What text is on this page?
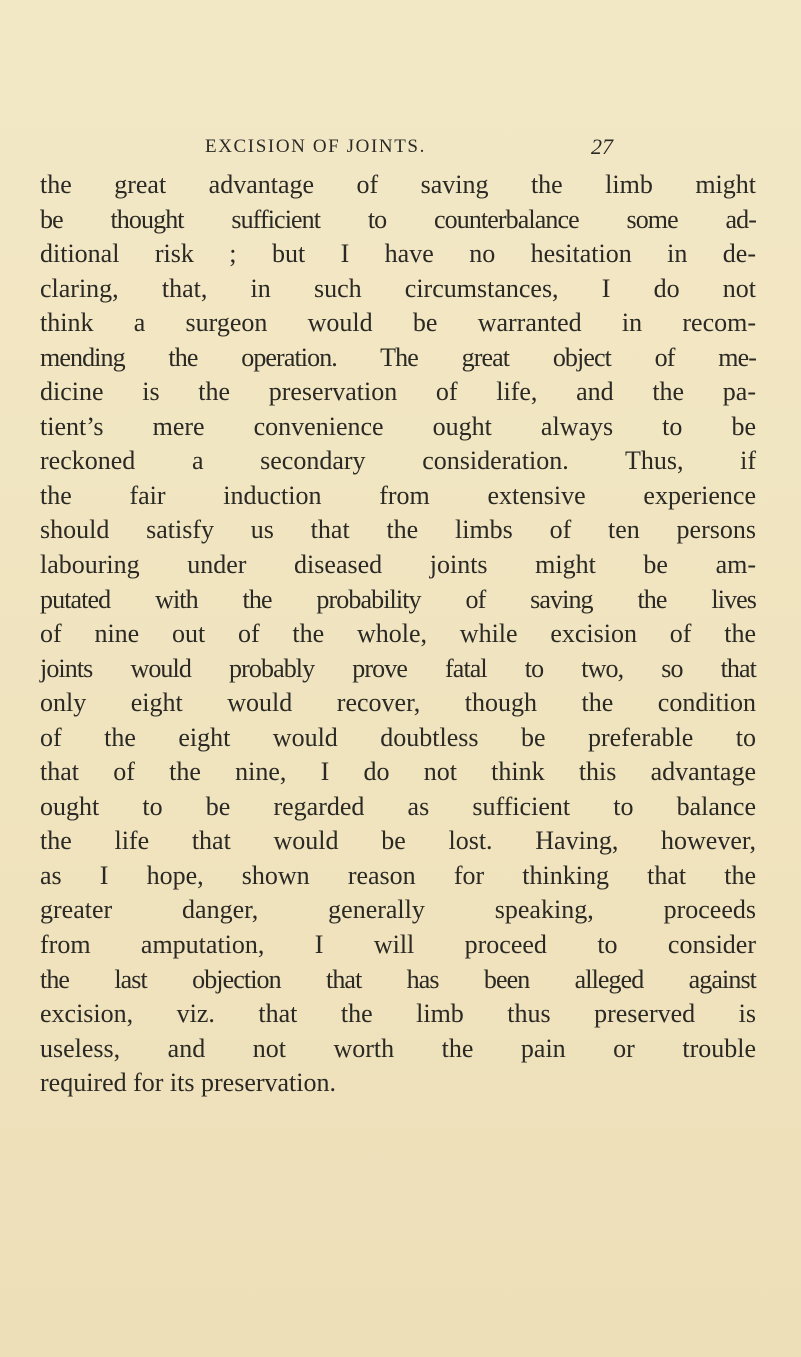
EXCISION OF JOINTS.	27
the great advantage of saving the limb might
be thought sufficient to counterbalance some ad-
ditional risk ; but I have no hesitation in de-
claring, that, in such circumstances, I do not
think a surgeon would be warranted in recom-
mending the operation. The great object of me-
dicine is the preservation of life, and the pa-
tient’s mere convenience ought always to be
reckoned a secondary consideration. Thus, if
the fair induction from extensive experience
should satisfy us that the limbs of ten persons
labouring under diseased joints might be am-
putated with the probability of saving the lives
of nine out of the whole, while excision of the
joints would probably prove fatal to two, so that
only eight would recover, though the condition
of the eight would doubtless be preferable to
that of the nine, I do not think this advantage
ought to be regarded as sufficient to balance
the life that would be lost. Having, however,
as I hope, shown reason for thinking that the
greater danger, generally speaking, proceeds
from amputation, I will proceed to consider
the last objection that has been alleged against
excision, viz. that the limb thus preserved is
useless, and not worth the pain or trouble
required for its preservation.
